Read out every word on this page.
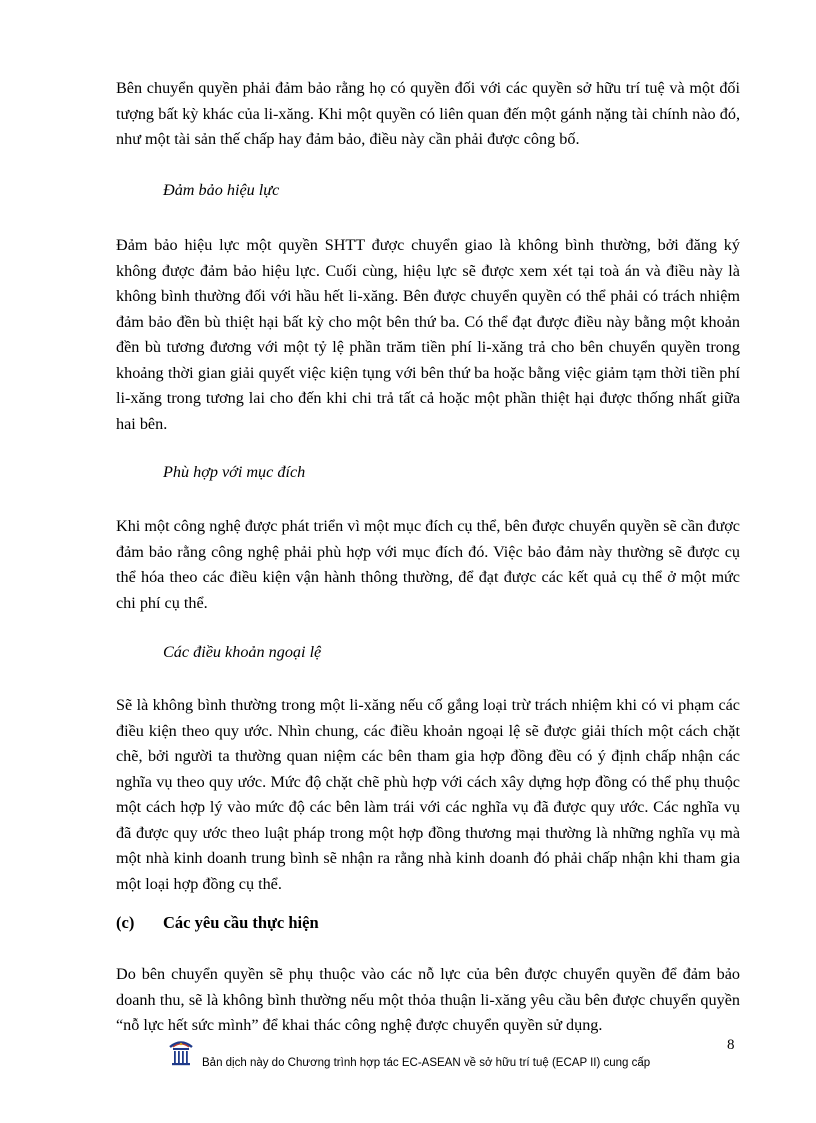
Bên chuyển quyền phải đảm bảo rằng họ có quyền đối với các quyền sở hữu trí tuệ và một đối tượng bất kỳ khác của li-xăng. Khi một quyền có liên quan đến một gánh nặng tài chính nào đó, như một tài sản thế chấp hay đảm bảo, điều này cần phải được công bố.
Đảm bảo hiệu lực
Đảm bảo hiệu lực một quyền SHTT được chuyển giao là không bình thường, bởi đăng ký không được đảm bảo hiệu lực. Cuối cùng, hiệu lực sẽ được xem xét tại toà án và điều này là không bình thường đối với hầu hết li-xăng. Bên được chuyển quyền có thể phải có trách nhiệm đảm bảo đền bù thiệt hại bất kỳ cho một bên thứ ba. Có thể đạt được điều này bằng một khoản đền bù tương đương với một tỷ lệ phần trăm tiền phí li-xăng trả cho bên chuyển quyền trong khoảng thời gian giải quyết việc kiện tụng với bên thứ ba hoặc bằng việc giảm tạm thời tiền phí li-xăng trong tương lai cho đến khi chi trả tất cả hoặc một phần thiệt hại được thống nhất giữa hai bên.
Phù hợp với mục đích
Khi một công nghệ được phát triển vì một mục đích cụ thể, bên được chuyển quyền sẽ cần được đảm bảo rằng công nghệ phải phù hợp với mục đích đó. Việc bảo đảm này thường sẽ được cụ thể hóa theo các điều kiện vận hành thông thường, để đạt được các kết quả cụ thể ở một mức chi phí cụ thể.
Các điều khoản ngoại lệ
Sẽ là không bình thường trong một li-xăng nếu cố gắng loại trừ trách nhiệm khi có vi phạm các điều kiện theo quy ước. Nhìn chung, các điều khoản ngoại lệ sẽ được giải thích một cách chặt chẽ, bởi người ta thường quan niệm các bên tham gia hợp đồng đều có ý định chấp nhận các nghĩa vụ theo quy ước. Mức độ chặt chẽ phù hợp với cách xây dựng hợp đồng có thể phụ thuộc một cách hợp lý vào mức độ các bên làm trái với các nghĩa vụ đã được quy ước. Các nghĩa vụ đã được quy ước theo luật pháp trong một hợp đồng thương mại thường là những nghĩa vụ mà một nhà kinh doanh trung bình sẽ nhận ra rằng nhà kinh doanh đó phải chấp nhận khi tham gia một loại hợp đồng cụ thể.
(c) Các yêu cầu thực hiện
Do bên chuyển quyền sẽ phụ thuộc vào các nỗ lực của bên được chuyển quyền để đảm bảo doanh thu, sẽ là không bình thường nếu một thỏa thuận li-xăng yêu cầu bên được chuyển quyền “nỗ lực hết sức mình” để khai thác công nghệ được chuyển quyền sử dụng.
8
Bản dịch này do Chương trình hợp tác EC-ASEAN về sở hữu trí tuệ (ECAP II) cung cấp
